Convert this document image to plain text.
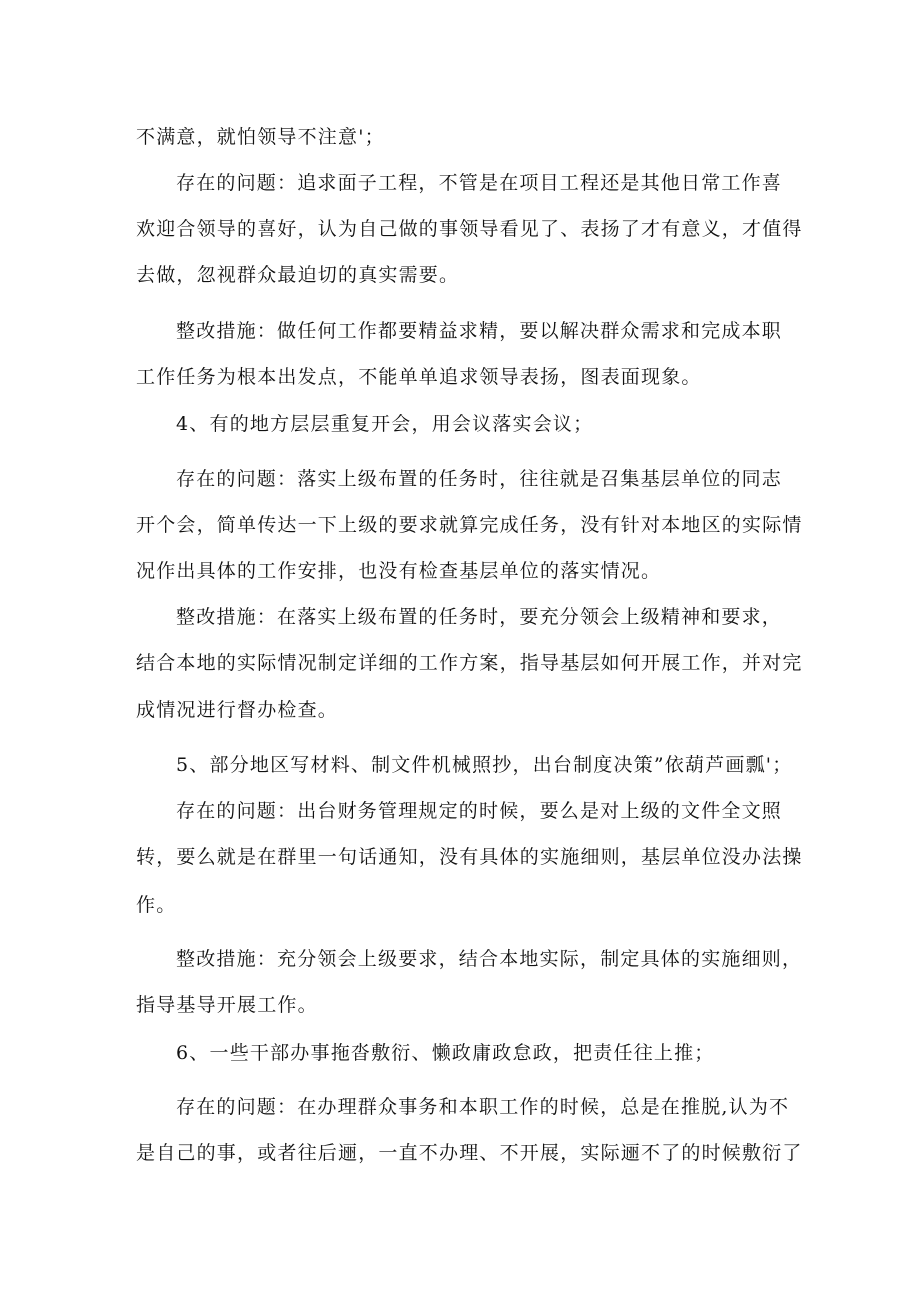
不满意，就怕领导不注意'；
存在的问题：追求面子工程，不管是在项目工程还是其他日常工作喜
欢迎合领导的喜好，认为自己做的事领导看见了、表扬了才有意义，才值得
去做，忽视群众最迫切的真实需要。
整改措施：做任何工作都要精益求精，要以解决群众需求和完成本职
工作任务为根本出发点，不能单单追求领导表扬，图表面现象。
4、有的地方层层重复开会，用会议落实会议；
存在的问题：落实上级布置的任务时，往往就是召集基层单位的同志
开个会，简单传达一下上级的要求就算完成任务，没有针对本地区的实际情
况作出具体的工作安排，也没有检查基层单位的落实情况。
整改措施：在落实上级布置的任务时，要充分领会上级精神和要求，
结合本地的实际情况制定详细的工作方案，指导基层如何开展工作，并对完
成情况进行督办检查。
5、部分地区写材料、制文件机械照抄，出台制度决策”依葫芦画瓢'；
存在的问题：出台财务管理规定的时候，要么是对上级的文件全文照
转，要么就是在群里一句话通知，没有具体的实施细则，基层单位没办法操
作。
整改措施：充分领会上级要求，结合本地实际，制定具体的实施细则，
指导基导开展工作。
6、一些干部办事拖沓敷衍、懒政庸政怠政，把责任往上推；
存在的问题：在办理群众事务和本职工作的时候，总是在推脱,认为不
是自己的事，或者往后逦，一直不办理、不开展，实际逦不了的时候敷衍了
